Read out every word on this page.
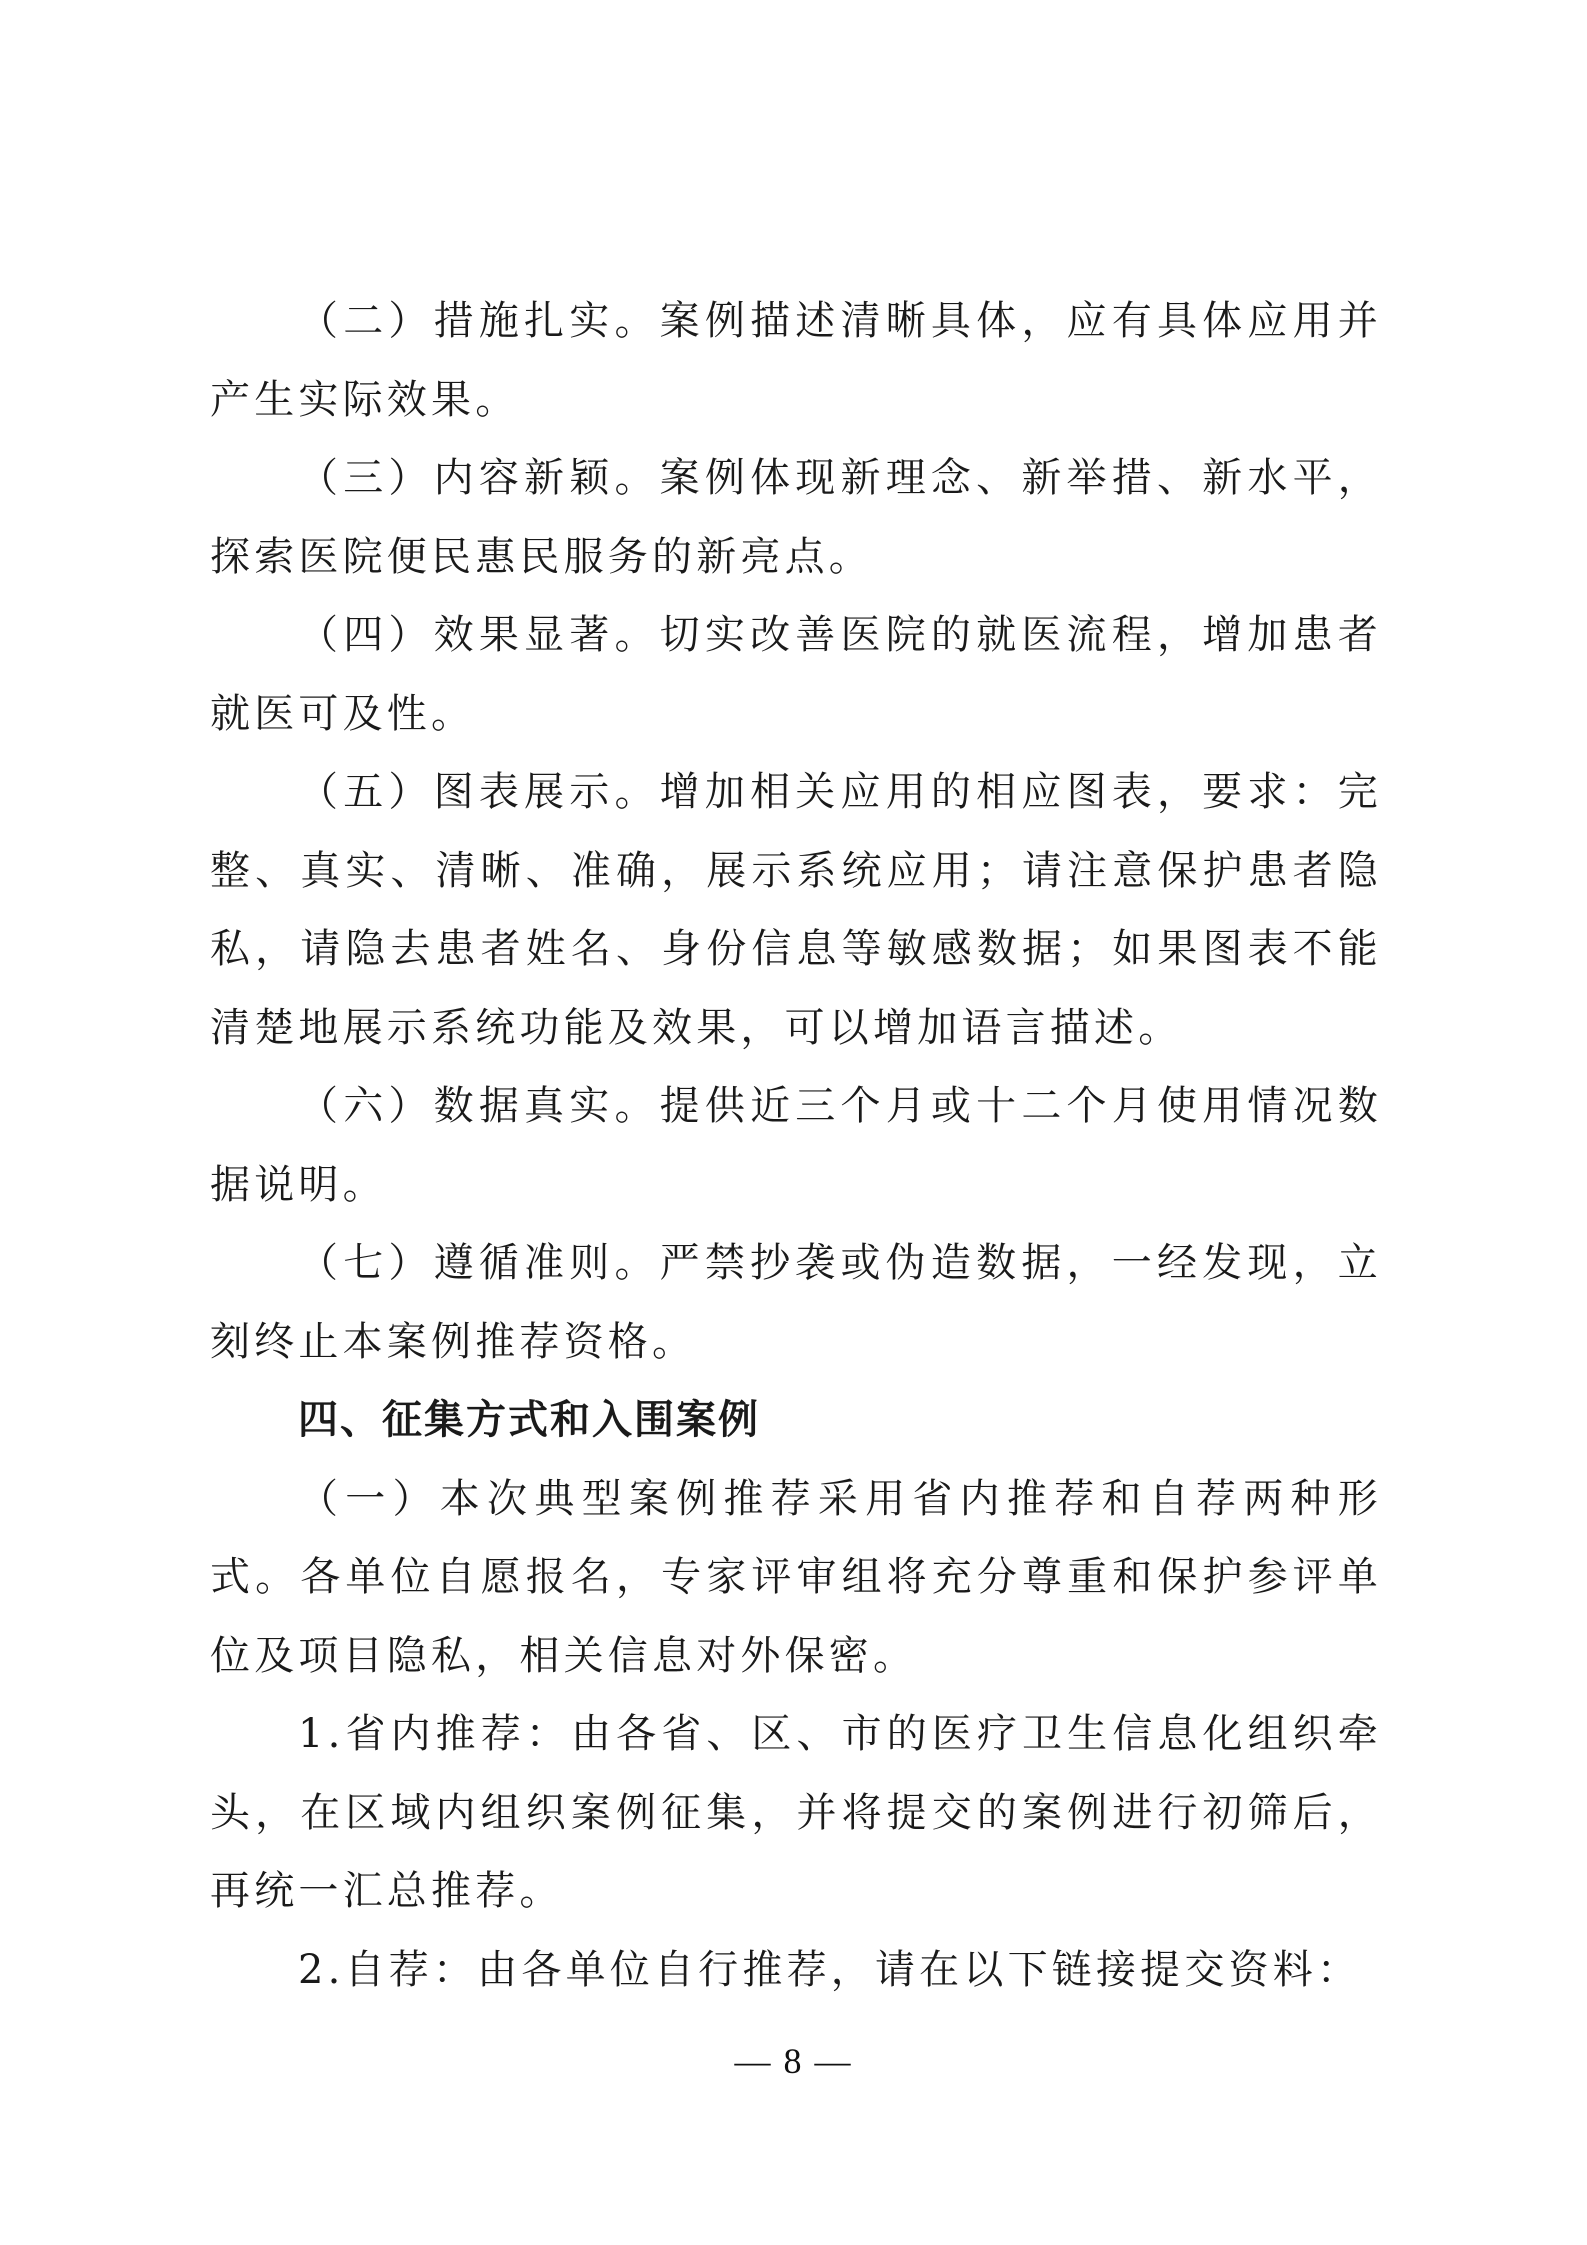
（二）措施扎实。案例描述清晰具体，应有具体应用并产生实际效果。

（三）内容新颖。案例体现新理念、新举措、新水平，探索医院便民惠民服务的新亮点。

（四）效果显著。切实改善医院的就医流程，增加患者就医可及性。

（五）图表展示。增加相关应用的相应图表，要求：完整、真实、清晰、准确，展示系统应用；请注意保护患者隐私，请隐去患者姓名、身份信息等敏感数据；如果图表不能清楚地展示系统功能及效果，可以增加语言描述。

（六）数据真实。提供近三个月或十二个月使用情况数据说明。

（七）遵循准则。严禁抄袭或伪造数据，一经发现，立刻终止本案例推荐资格。

四、征集方式和入围案例

（一）本次典型案例推荐采用省内推荐和自荐两种形式。各单位自愿报名，专家评审组将充分尊重和保护参评单位及项目隐私，相关信息对外保密。

1.省内推荐：由各省、区、市的医疗卫生信息化组织牵头，在区域内组织案例征集，并将提交的案例进行初筛后，再统一汇总推荐。

2.自荐：由各单位自行推荐，请在以下链接提交资料：

— 8 —
